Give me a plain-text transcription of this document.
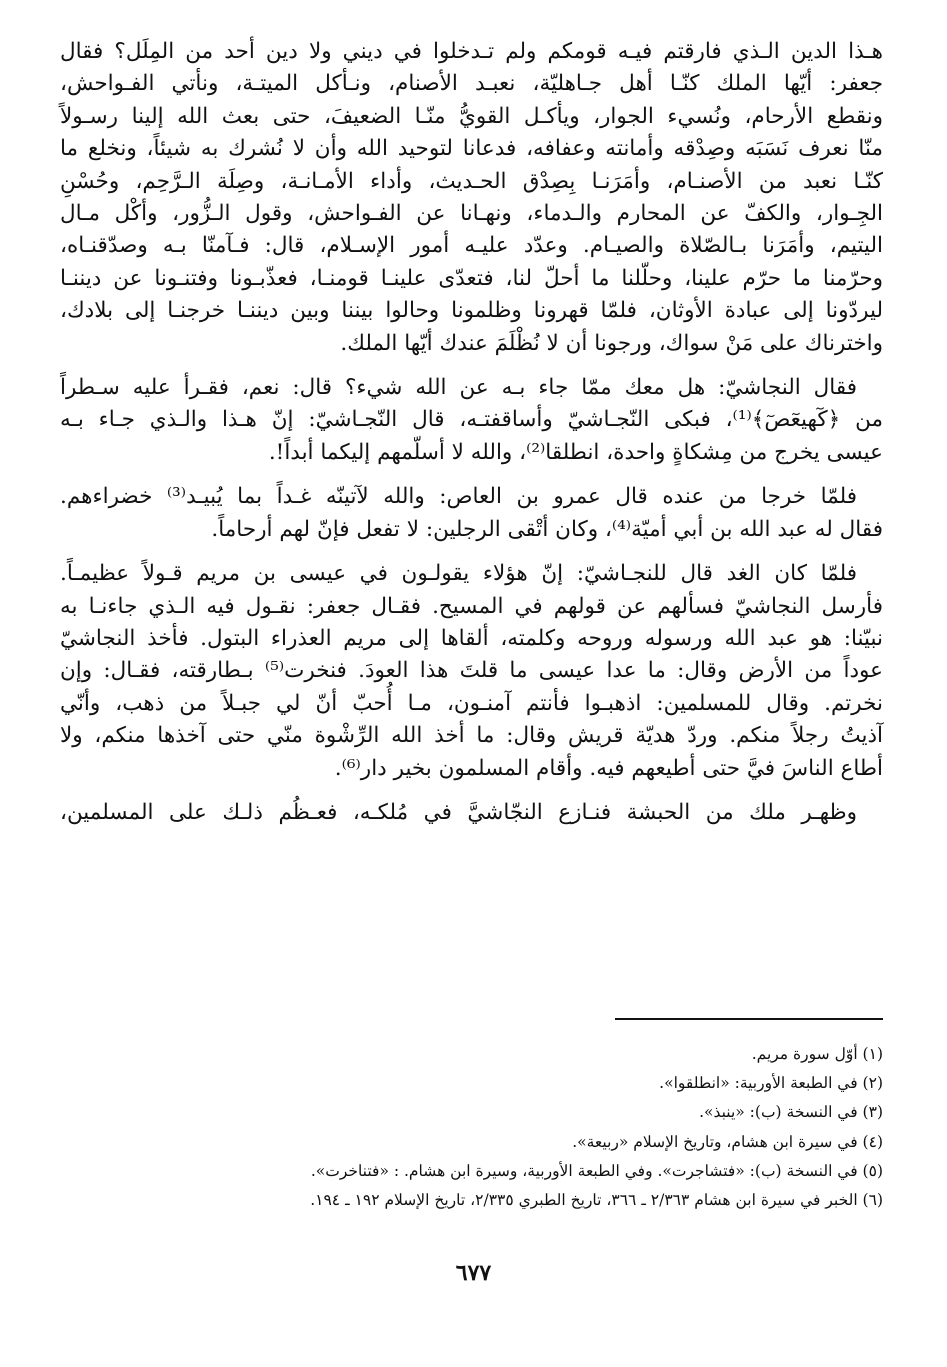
هـذا الدين الـذي فارقتم فيـه قومكم ولم تـدخلوا في ديني ولا دين أحد من المِلَل؟ فقال
جعفر: أيّها الملك كنّـا أهل جـاهليّة، نعبـد الأصنام، ونـأكل الميتـة، ونأتي الفـواحش،
ونقطع الأرحام، ونُسيء الجوار، ويأكـل القويُّ منّـا الضعيفَ، حتى بعث الله إلينا رسـولاً
منّا نعرف نَسَبَه وصِدْقه وأمانته وعفافه، فدعانا لتوحيد الله وأن لا نُشرك به شيئاً، ونخلع ما
كنّـا نعبد من الأصنـام، وأمَرَنـا بِصِدْق الحـديث، وأداء الأمـانـة، وصِلَة الـرَّحِم، وحُسْنِ
الجِـوار، والكفّ عن المحارم والـدماء، ونهـانا عن الفـواحش، وقول الـزُّور، وأكْل مـال
اليتيم، وأمَرَنا بـالصّلاة والصيـام. وعدّد عليـه أمور الإسـلام، قال: فـآمنّا بـه وصدّقنـاه،
وحرّمنا ما حرّم علينا، وحلّلنا ما أحلّ لنا، فتعدّى علينـا قومنـا، فعذّبـونا وفتنـونا عن ديننـا
ليردّونا إلى عبادة الأوثان، فلمّا قهرونا وظلمونا وحالوا بيننا وبين ديننـا خرجنـا إلى بلادك،
واخترناك على مَنْ سواك، ورجونا أن لا نُظْلَمَ عندك أيّها الملك.

فقال النجاشيّ: هل معك ممّا جاء بـه عن الله شيء؟ قال: نعم، فقـرأ عليه سـطراً
من ﴿كٓهيعٓصٓ﴾⁽¹⁾، فبكى النّجـاشيّ وأساقفتـه، قال النّجـاشيّ: إنّ هـذا والـذي جـاء بـه
عيسى يخرج من مِشكاةٍ واحدة، انطلقا⁽²⁾، والله لا أسلّمهم إليكما أبداً!.

فلمّا خرجا من عنده قال عمرو بن العاص: والله لآتينّه غـداً بما يُبيـد⁽³⁾ خضراءهم.
فقال له عبد الله بن أبي أميّة⁽⁴⁾، وكان أتْقى الرجلين: لا تفعل فإنّ لهم أرحاماً.

فلمّا كان الغد قال للنجـاشيّ: إنّ هؤلاء يقولـون في عيسى بن مريم قـولاً عظيمـاً.
فأرسل النجاشيّ فسألهم عن قولهم في المسيح. فقـال جعفر: نقـول فيه الـذي جاءنـا به
نبيّنا: هو عبد الله ورسوله وروحه وكلمته، ألقاها إلى مريم العذراء البتول. فأخذ النجاشيّ
عوداً من الأرض وقال: ما عدا عيسى ما قلتَ هذا العودَ. فنخرت⁽⁵⁾ بـطارقته، فقـال: وإن
نخرتم. وقال للمسلمين: اذهبـوا فأنتم آمنـون، مـا أُحبّ أنّ لي جبـلاً من ذهب، وأنّي
آذيتُ رجلاً منكم. وردّ هديّة قريش وقال: ما أخذ الله الرِّشْوة منّي حتى آخذها منكم، ولا
أطاع الناسَ فيَّ حتى أطيعهم فيه. وأقام المسلمون بخير دار⁽⁶⁾.

وظهـر ملك من الحبشة فنـازع النجّاشيَّ في مُلكـه، فعـظُم ذلـك على المسلمين،

(١) أوّل سورة مريم.
(٢) في الطبعة الأوربية: «انطلقوا».
(٣) في النسخة (ب): «ينبذ».
(٤) في سيرة ابن هشام، وتاريخ الإسلام «ربيعة».
(٥) في النسخة (ب): «فتشاجرت». وفي الطبعة الأوربية، وسيرة ابن هشام. : «فتناخرت».
(٦) الخبر في سيرة ابن هشام ٢/٣٦٣ ـ ٣٦٦، تاريخ الطبري ٢/٣٣٥، تاريخ الإسلام ١٩٢ ـ ١٩٤.
٦٧٧
